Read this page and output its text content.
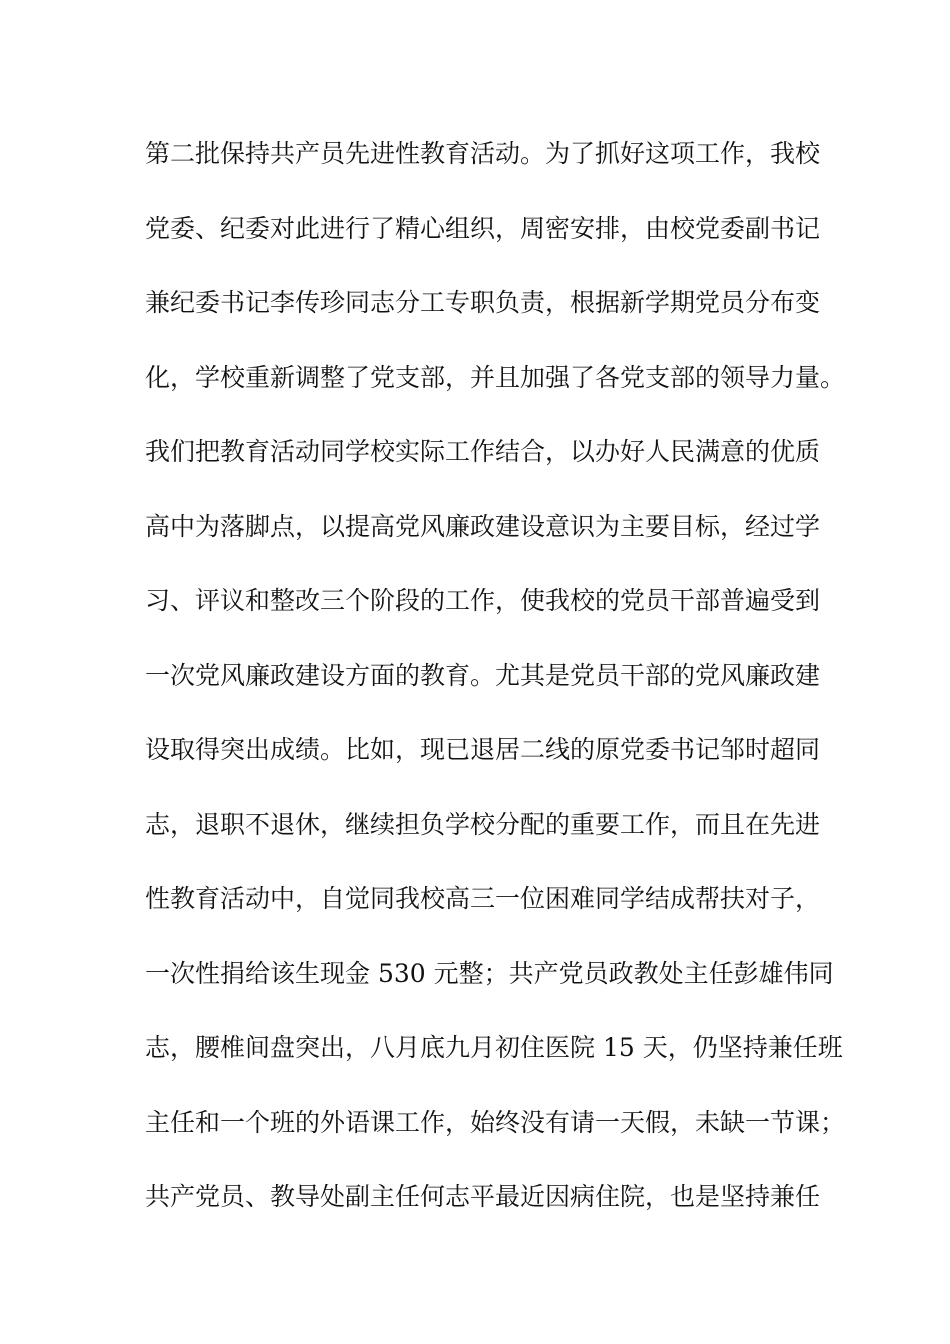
第二批保持共产员先进性教育活动。为了抓好这项工作，我校
党委、纪委对此进行了精心组织，周密安排，由校党委副书记
兼纪委书记李传珍同志分工专职负责，根据新学期党员分布变
化，学校重新调整了党支部，并且加强了各党支部的领导力量。
我们把教育活动同学校实际工作结合，以办好人民满意的优质
高中为落脚点，以提高党风廉政建设意识为主要目标，经过学
习、评议和整改三个阶段的工作，使我校的党员干部普遍受到
一次党风廉政建设方面的教育。尤其是党员干部的党风廉政建
设取得突出成绩。比如，现已退居二线的原党委书记邹时超同
志，退职不退休，继续担负学校分配的重要工作，而且在先进
性教育活动中，自觉同我校高三一位困难同学结成帮扶对子，
一次性捐给该生现金 530 元整；共产党员政教处主任彭雄伟同
志，腰椎间盘突出，八月底九月初住医院 15 天，仍坚持兼任班
主任和一个班的外语课工作，始终没有请一天假，未缺一节课；
共产党员、教导处副主任何志平最近因病住院，也是坚持兼任
